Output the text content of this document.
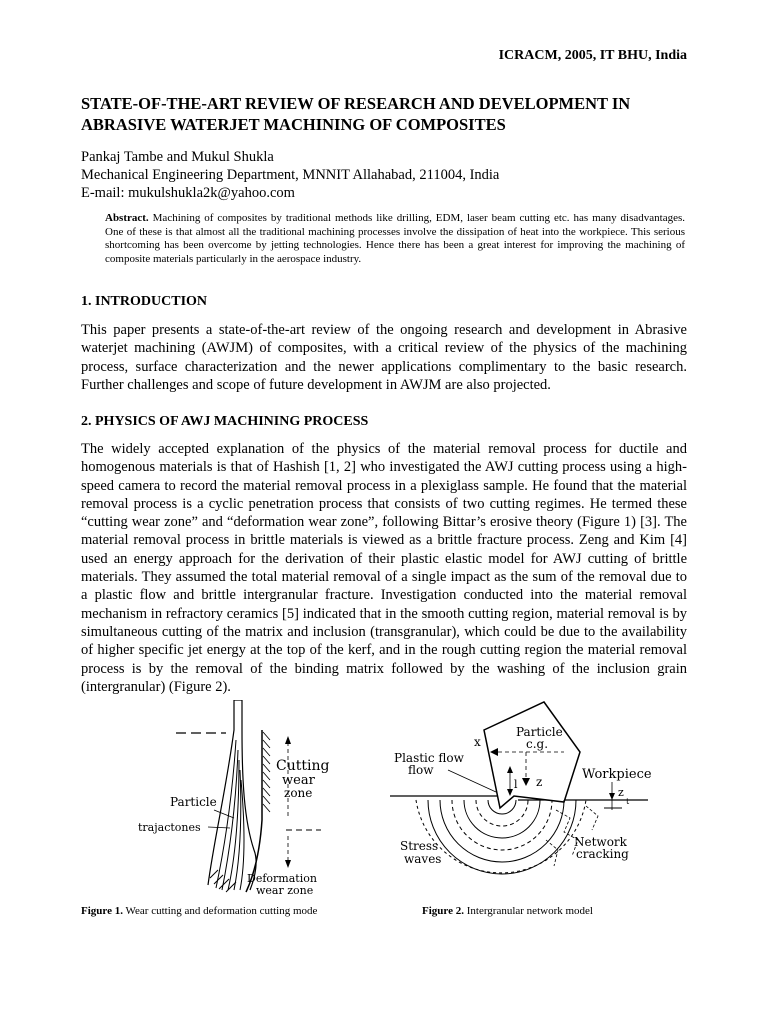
ICRACM, 2005, IT BHU, India
STATE-OF-THE-ART REVIEW OF RESEARCH AND DEVELOPMENT IN
ABRASIVE WATERJET MACHINING OF COMPOSITES
Pankaj Tambe and Mukul Shukla
Mechanical Engineering Department, MNNIT Allahabad, 211004, India
E-mail: mukulshukla2k@yahoo.com
Abstract. Machining of composites by traditional methods like drilling, EDM, laser beam cutting etc. has many disadvantages. One of these is that almost all the traditional machining processes involve the dissipation of heat into the workpiece. This serious shortcoming has been overcome by jetting technologies. Hence there has been a great interest for improving the machining of composite materials particularly in the aerospace industry.
1. INTRODUCTION
This paper presents a state-of-the-art review of the ongoing research and development in Abrasive waterjet machining (AWJM) of composites, with a critical review of the physics of the machining process, surface characterization and the newer applications complimentary to the basic research. Further challenges and scope of future development in AWJM are also projected.
2. PHYSICS OF AWJ MACHINING PROCESS
The widely accepted explanation of the physics of the material removal process for ductile and homogenous materials is that of Hashish [1, 2] who investigated the AWJ cutting process using a high-speed camera to record the material removal process in a plexiglass sample. He found that the material removal process is a cyclic penetration process that consists of two cutting regimes. He termed these “cutting wear zone” and “deformation wear zone”, following Bittar’s erosive theory (Figure 1) [3]. The material removal process in brittle materials is viewed as a brittle fracture process. Zeng and Kim [4] used an energy approach for the derivation of their plastic elastic model for AWJ cutting of brittle materials. They assumed the total material removal of a single impact as the sum of the removal due to a plastic flow and brittle intergranular fracture. Investigation conducted into the material removal mechanism in refractory ceramics [5] indicated that in the smooth cutting region, material removal is by simultaneous cutting of the matrix and inclusion (transgranular), which could be due to the availability of higher specific jet energy at the top of the kerf, and in the rough cutting region the material removal process is by the removal of the binding matrix followed by the washing of the inclusion grain (intergranular) (Figure 2).
Cutting
wear
zone
Particle
trajactones
Deformation
wear zone
Figure 1. Wear cutting and deformation cutting mode
Particle
c.g.
x
z
Plastic flow
flow
l
Workpiece
z
t
Stress
waves
Network
cracking
Figure 2. Intergranular network model
